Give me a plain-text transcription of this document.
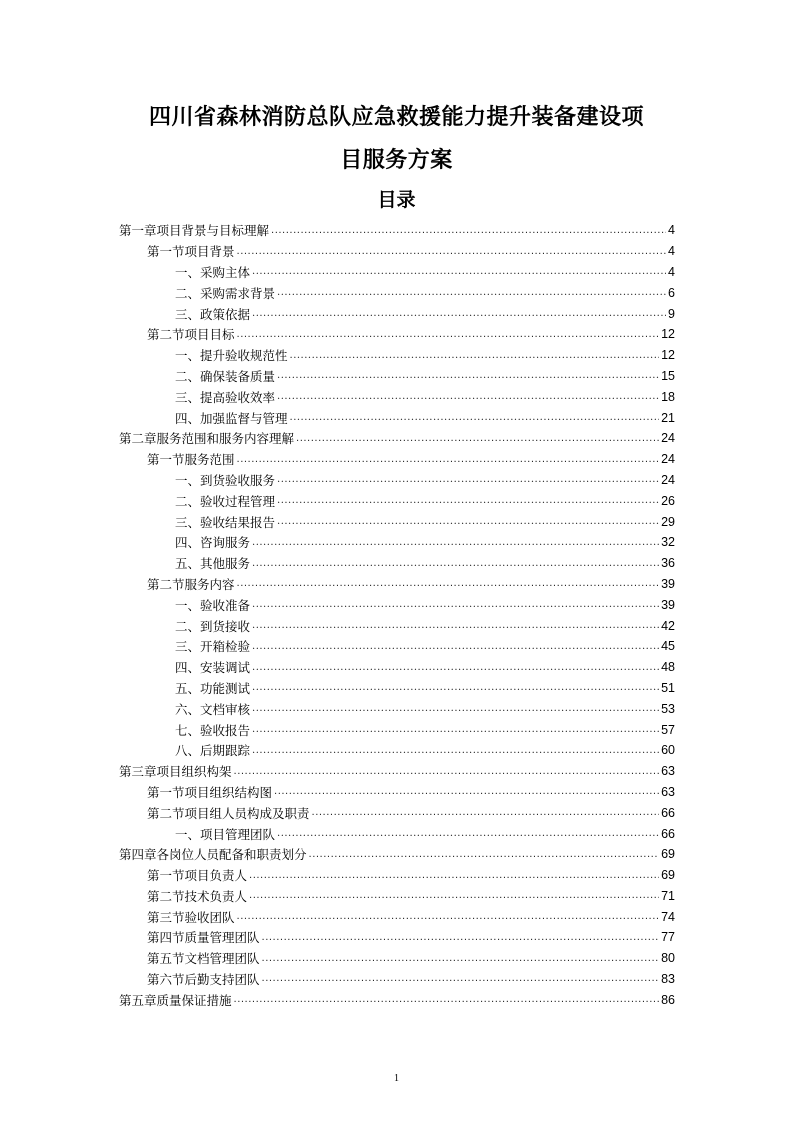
四川省森林消防总队应急救援能力提升装备建设项
目服务方案
目录
第一章项目背景与目标理解 .....	4
第一节项目背景 .....	4
一、采购主体 .....	4
二、采购需求背景 .....	6
三、政策依据 .....	9
第二节项目目标 .....	12
一、提升验收规范性 .....	12
二、确保装备质量 .....	15
三、提高验收效率 .....	18
四、加强监督与管理 .....	21
第二章服务范围和服务内容理解 .....	24
第一节服务范围 .....	24
一、到货验收服务 .....	24
二、验收过程管理 .....	26
三、验收结果报告 .....	29
四、咨询服务 .....	32
五、其他服务 .....	36
第二节服务内容 .....	39
一、验收准备 .....	39
二、到货接收 .....	42
三、开箱检验 .....	45
四、安装调试 .....	48
五、功能测试 .....	51
六、文档审核 .....	53
七、验收报告 .....	57
八、后期跟踪 .....	60
第三章项目组织构架 .....	63
第一节项目组织结构图 .....	63
第二节项目组人员构成及职责 .....	66
一、项目管理团队 .....	66
第四章各岗位人员配备和职责划分 .....	69
第一节项目负责人 .....	69
第二节技术负责人 .....	71
第三节验收团队 .....	74
第四节质量管理团队 .....	77
第五节文档管理团队 .....	80
第六节后勤支持团队 .....	83
第五章质量保证措施 .....	86
1
